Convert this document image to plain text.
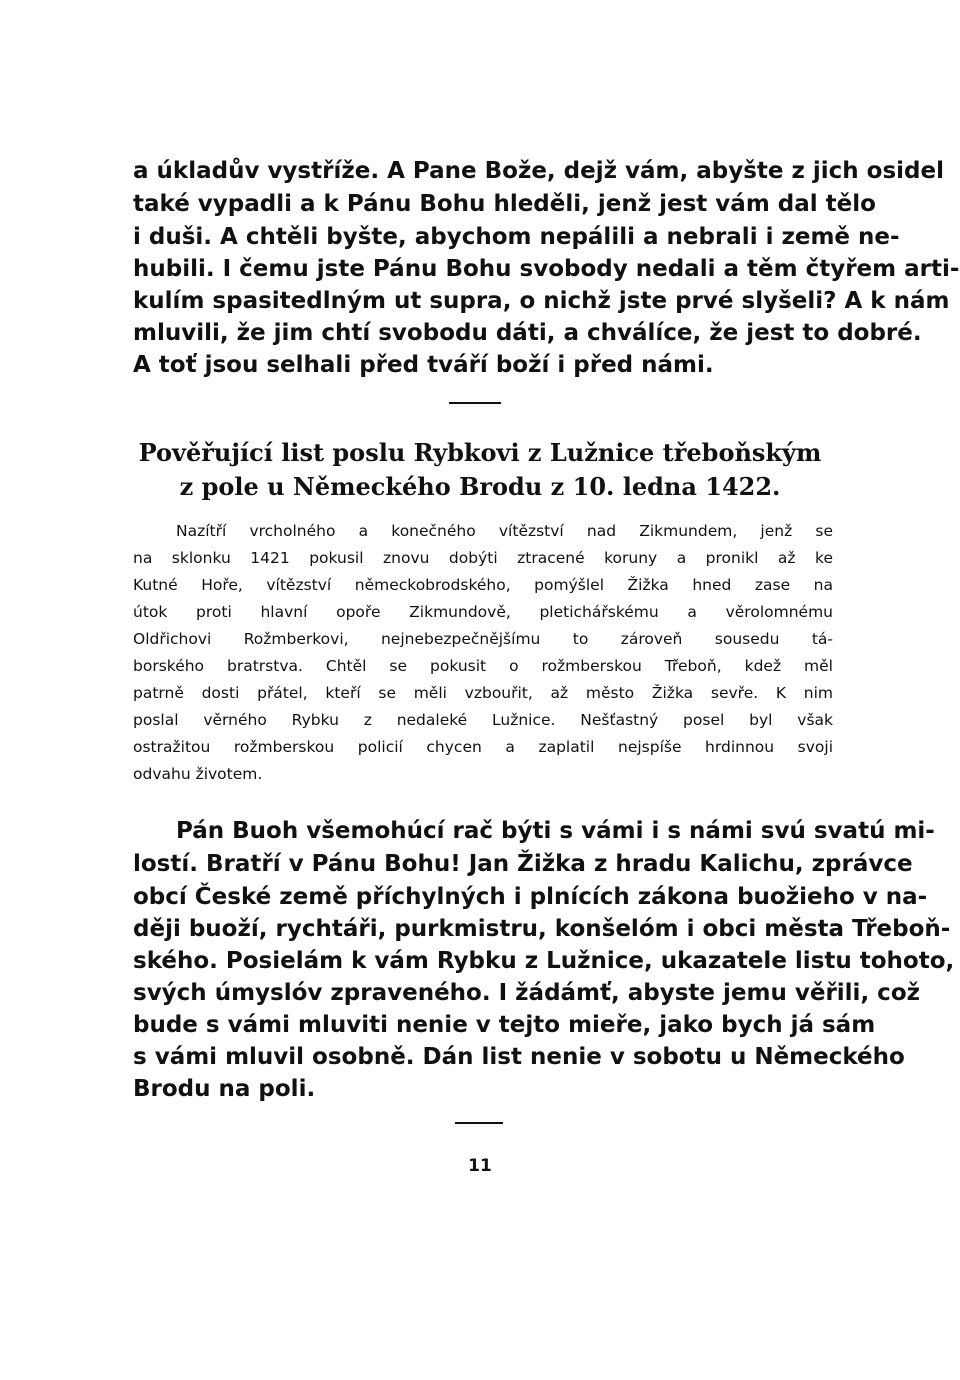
a úkladův vystříže. A Pane Bože, dejž vám, abyšte z jich osidel
také vypadli a k Pánu Bohu hleděli, jenž jest vám dal tělo
i duši. A chtěli byšte, abychom nepálili a nebrali i země ne-
hubili. I čemu jste Pánu Bohu svobody nedali a těm čtyřem arti-
kulím spasitedlným ut supra, o nichž jste prvé slyšeli? A k nám
mluvili, že jim chtí svobodu dáti, a chválíce, že jest to dobré.
A toť jsou selhali před tváří boží i před námi.
Pověřující list poslu Rybkovi z Lužnice třeboňským
z pole u Německého Brodu z 10. ledna 1422.
Nazítří vrcholného a konečného vítězství nad Zikmundem, jenž se
na sklonku 1421 pokusil znovu dobýti ztracené koruny a pronikl až ke
Kutné Hoře, vítězství německobrodského, pomýšlel Žižka hned zase na
útok proti hlavní opoře Zikmundově, pletichářskému a věrolomnému
Oldřichovi Rožmberkovi, nejnebezpečnějšímu to zároveň sousedu tá-
borského bratrstva. Chtěl se pokusit o rožmberskou Třeboň, kdež měl
patrně dosti přátel, kteří se měli vzbouřit, až město Žižka sevře. K nim
poslal věrného Rybku z nedaleké Lužnice. Nešťastný posel byl však
ostražitou rožmberskou policií chycen a zaplatil nejspíše hrdinnou svoji
odvahu životem.
Pán Buoh všemohúcí rač býti s vámi i s námi svú svatú mi-
lostí. Bratří v Pánu Bohu! Jan Žižka z hradu Kalichu, zprávce
obcí České země příchylných i plnících zákona buožieho v na-
ději buoží, rychtáři, purkmistru, konšelóm i obci města Třeboň-
ského. Posielám k vám Rybku z Lužnice, ukazatele listu tohoto,
svých úmyslóv zpraveného. I žádámť, abyste jemu věřili, což
bude s vámi mluviti nenie v tejto mieře, jako bych já sám
s vámi mluvil osobně. Dán list nenie v sobotu u Německého
Brodu na poli.
11
